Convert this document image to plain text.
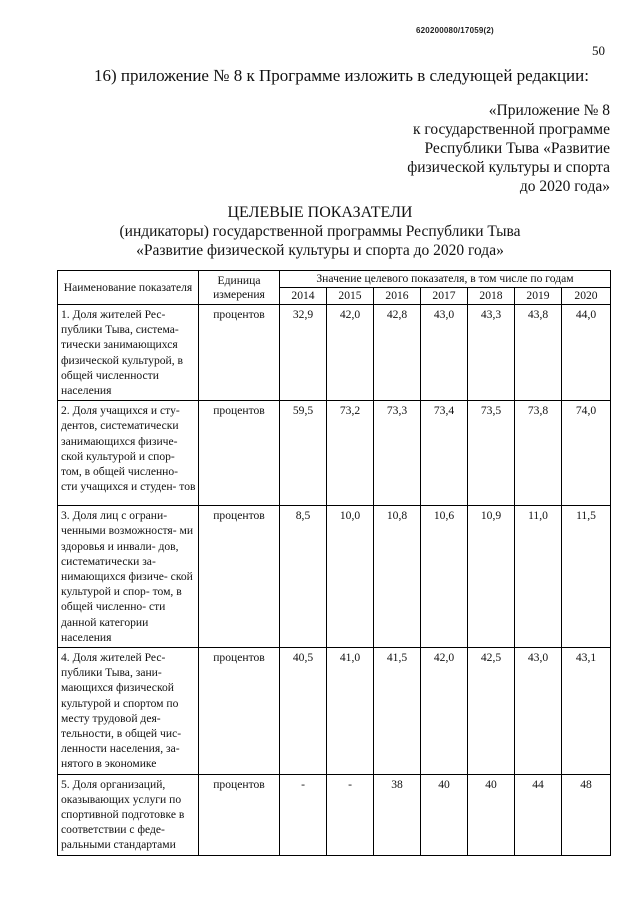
620200080/17059(2)
50
16) приложение № 8 к Программе изложить в следующей редакции:
«Приложение № 8
к государственной программе
Республики Тыва «Развитие
физической культуры и спорта
до 2020 года»
ЦЕЛЕВЫЕ ПОКАЗАТЕЛИ
(индикаторы) государственной программы Республики Тыва
«Развитие физической культуры и спорта до 2020 года»
Наименование показателя	Единица измерения	Значение целевого показателя, в том числе по годам						
		2014	2015	2016	2017	2018	2019	2020
1. Доля жителей Рес- публики Тыва, система- тически занимающихся физической культурой, в общей численности населения	процентов	32,9	42,0	42,8	43,0	43,3	43,8	44,0
2. Доля учащихся и сту- дентов, систематически занимающихся физиче- ской культурой и спор- том, в общей численно- сти учащихся и студен- тов	процентов	59,5	73,2	73,3	73,4	73,5	73,8	74,0
3. Доля лиц с ограни- ченными возможностя- ми здоровья и инвали- дов, систематически за- нимающихся физиче- ской культурой и спор- том, в общей численно- сти данной категории населения	процентов	8,5	10,0	10,8	10,6	10,9	11,0	11,5
4. Доля жителей Рес- публики Тыва, зани- мающихся физической культурой и спортом по месту трудовой дея- тельности, в общей чис- ленности населения, за- нятого в экономике	процентов	40,5	41,0	41,5	42,0	42,5	43,0	43,1
5. Доля организаций, оказывающих услуги по спортивной подготовке в соответствии с феде- ральными стандартами	процентов	-	-	38	40	40	44	48
